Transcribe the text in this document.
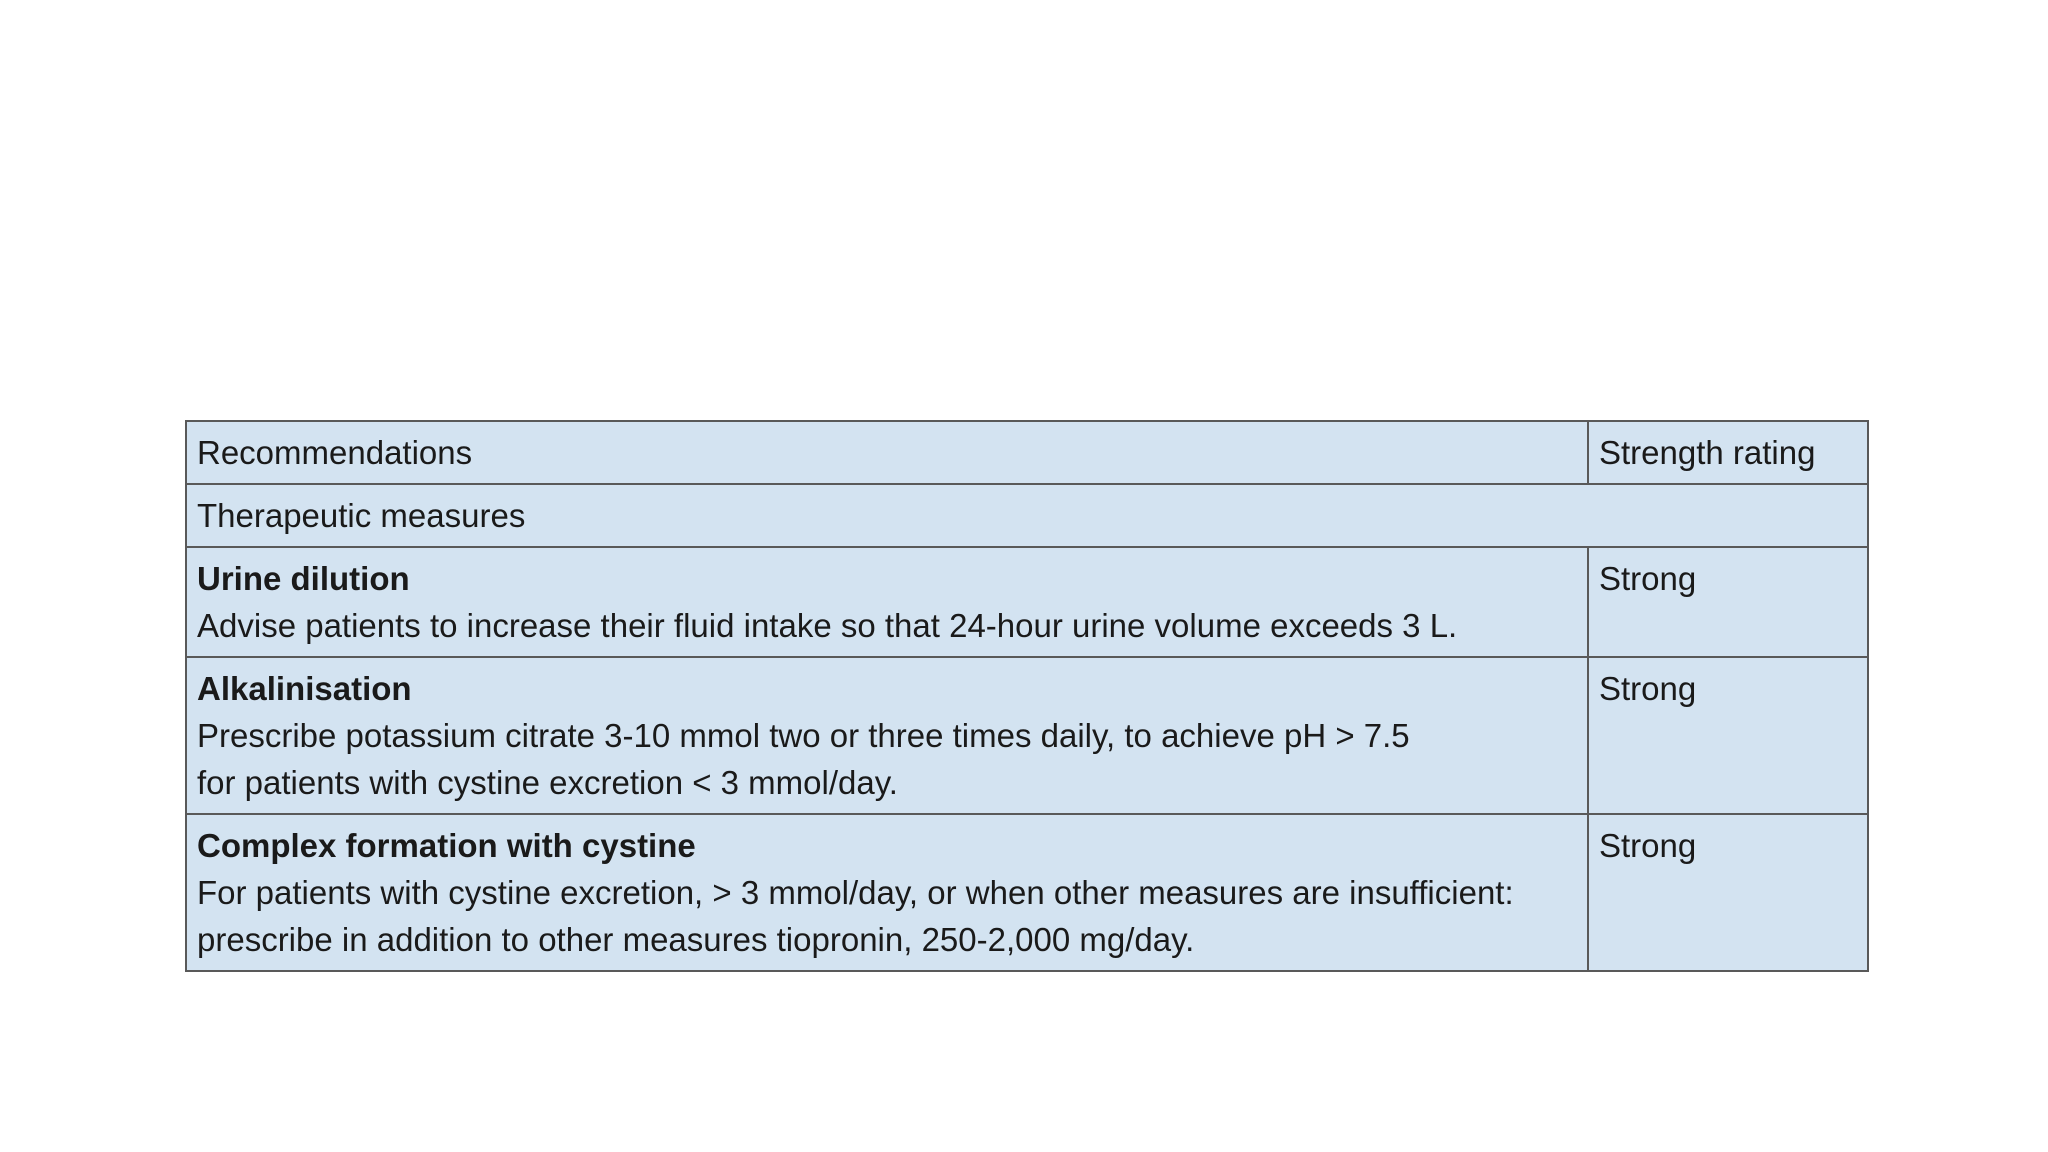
Recommendations	Strength rating
Therapeutic measures	

Urine dilution
Advise patients to increase their fluid intake so that 24-hour urine volume exceeds 3 L.	Strong

Alkalinisation
Prescribe potassium citrate 3-10 mmol two or three times daily, to achieve pH > 7.5
for patients with cystine excretion < 3 mmol/day.	Strong

Complex formation with cystine
For patients with cystine excretion, > 3 mmol/day, or when other measures are insufficient:
prescribe in addition to other measures tiopronin, 250-2,000 mg/day.	Strong
